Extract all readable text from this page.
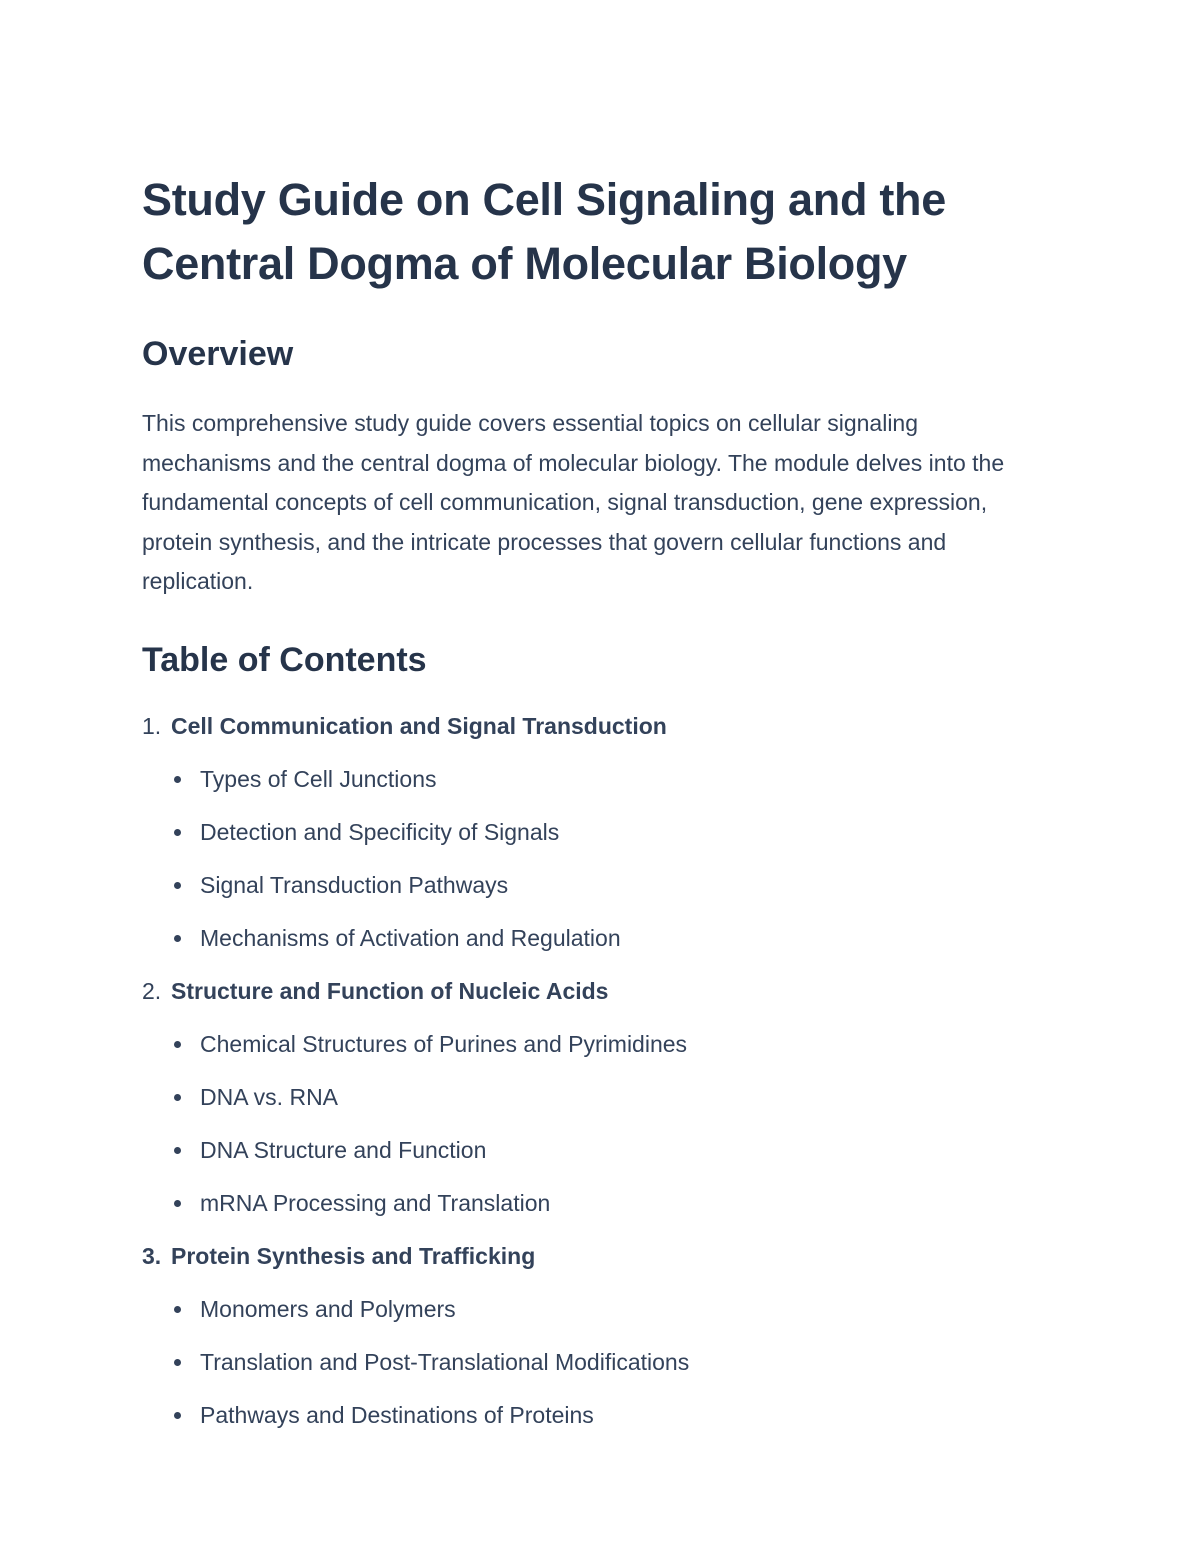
Study Guide on Cell Signaling and the
Central Dogma of Molecular Biology
Overview

This comprehensive study guide covers essential topics on cellular signaling mechanisms and the central dogma of molecular biology. The module delves into the fundamental concepts of cell communication, signal transduction, gene expression, protein synthesis, and the intricate processes that govern cellular functions and replication.

Table of Contents
1. Cell Communication and Signal Transduction
Types of Cell Junctions
Detection and Specificity of Signals
Signal Transduction Pathways
Mechanisms of Activation and Regulation
2. Structure and Function of Nucleic Acids
Chemical Structures of Purines and Pyrimidines
DNA vs. RNA
DNA Structure and Function
mRNA Processing and Translation
3. Protein Synthesis and Trafficking
Monomers and Polymers
Translation and Post-Translational Modifications
Pathways and Destinations of Proteins
